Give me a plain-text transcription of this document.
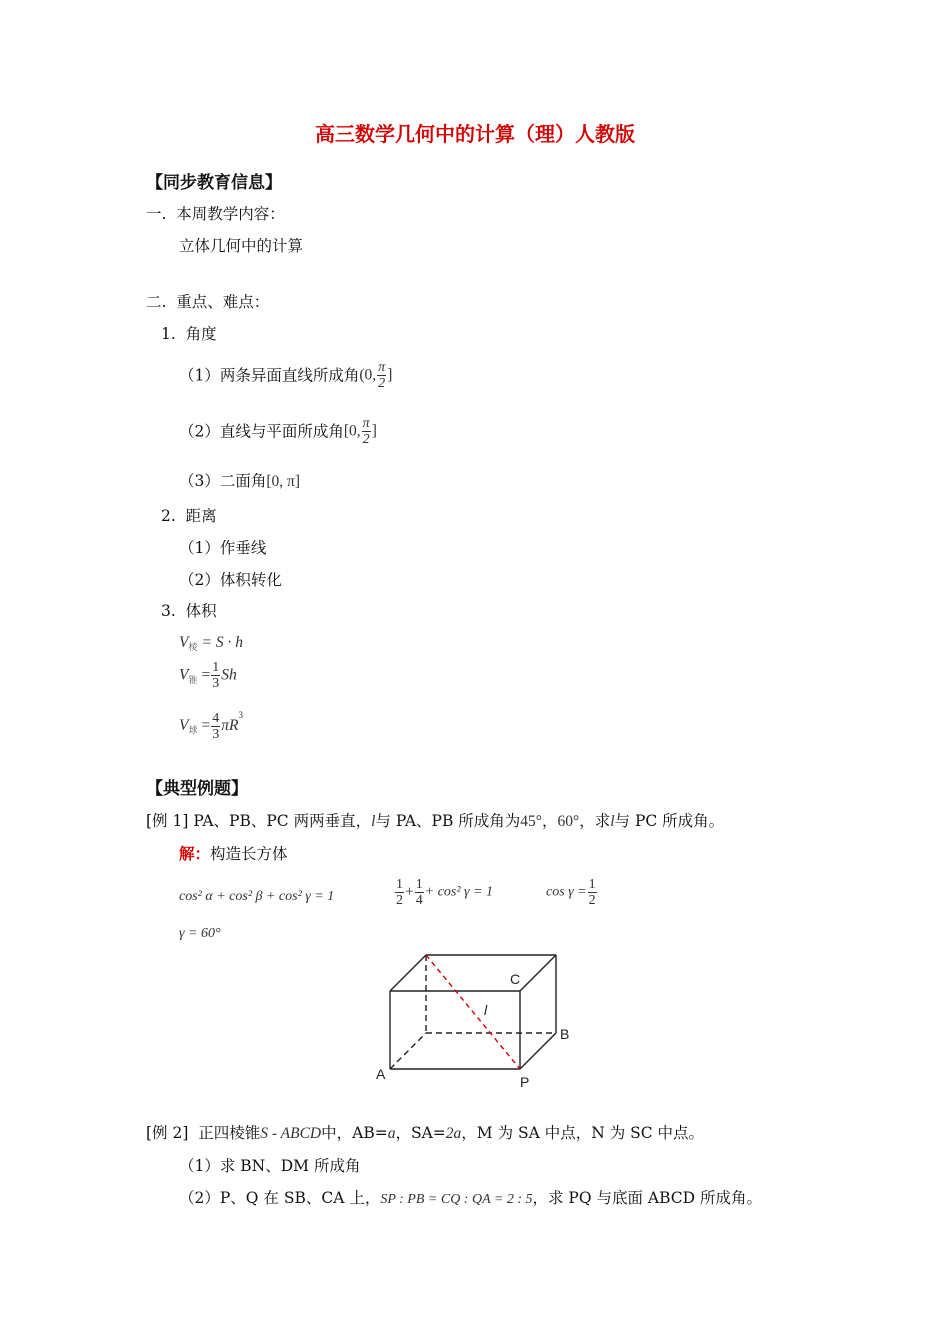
高三数学几何中的计算（理）人教版
【同步教育信息】
一. 本周教学内容：
立体几何中的计算
二. 重点、难点：
1. 角度
（1）两条异面直线所成角(0, $\frac{\pi}{2}$ ]
（2）直线与平面所成角[0, $\frac{\pi}{2}$ ]
（3）二面角[0, π]
2. 距离
（1）作垂线
（2）体积转化
3. 体积
$V_棱 = S \cdot h$
$V_锥 = \frac{1}{3}$ Sh
$V_球 = \frac{4}{3} \pi R^3$
【典型例题】
[例 1] PA、PB、PC 两两垂直，l与 PA、PB 所成角为45°，60°，求l与 PC 所成角。
解：构造长方体
cos² α + cos² β + cos² γ = 1	$\frac{1}{2} + \frac{1}{4} + \cos^2$ γ = 1	$\cos \gamma = \frac{1}{2}$
γ = 60°
C
B
A	P
l
[例 2] 正四棱锥S - ABCD中，AB=a，SA=2a，M 为 SA 中点，N 为 SC 中点。
（1）求 BN、DM 所成角
（2）P、Q 在 SB、CA 上，SP : PB = CQ : QA = 2 : 5，求 PQ 与底面 ABCD 所成角。
